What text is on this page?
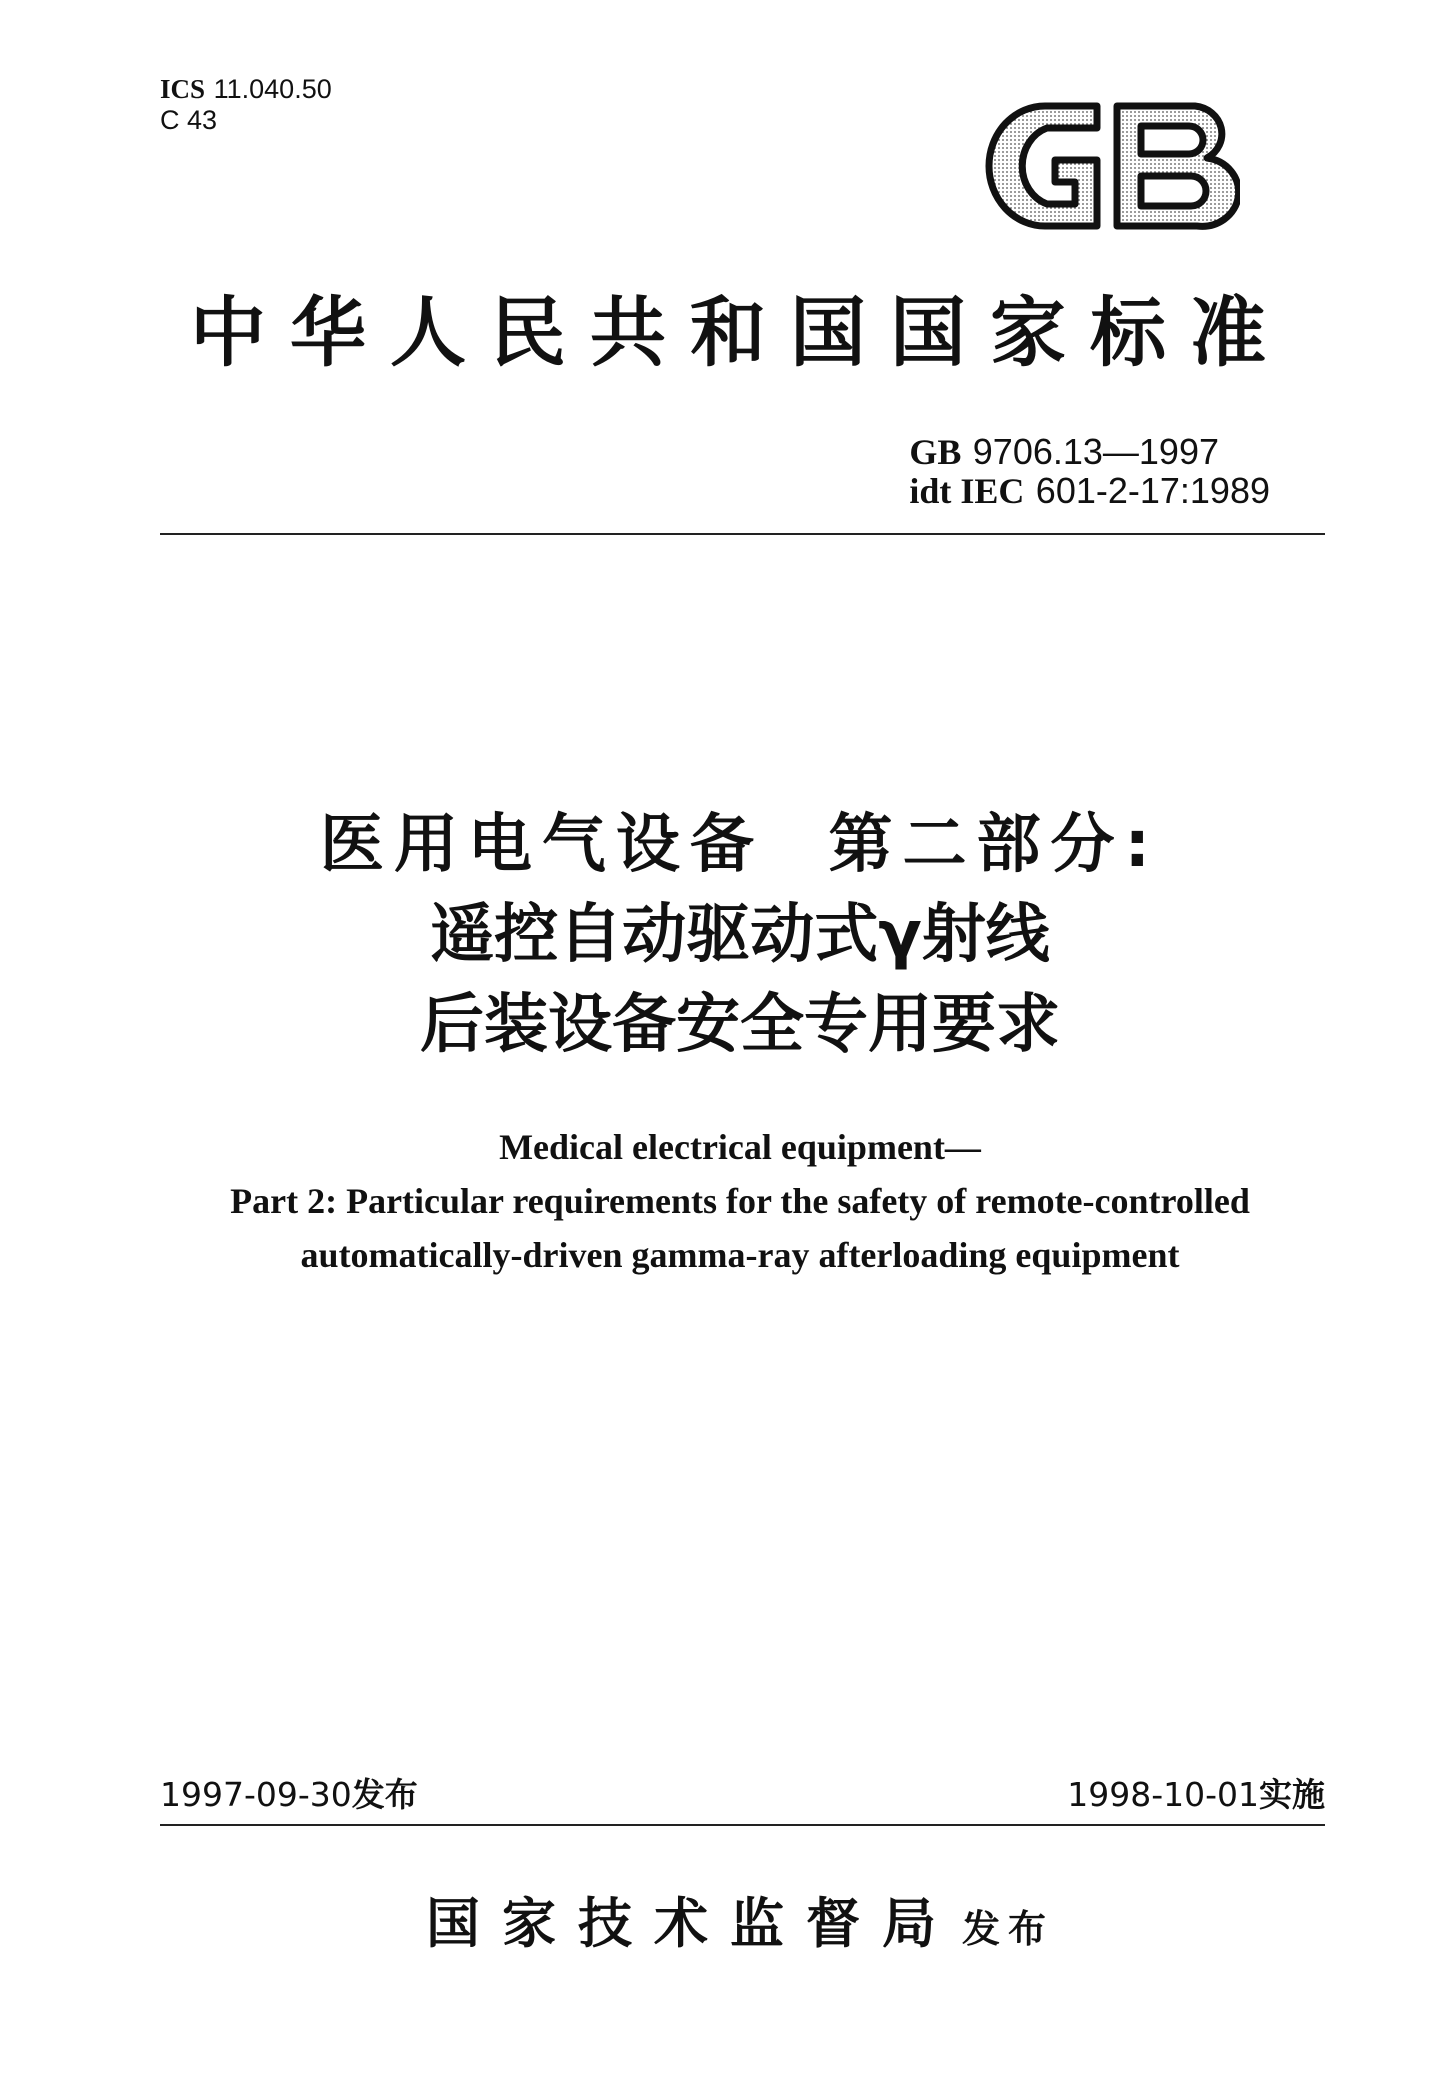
ICS 11.040.50
C 43
GB
中华人民共和国国家标准
GB 9706.13—1997
idt IEC 601-2-17:1989
医用电气设备  第二部分:
遥控自动驱动式γ射线
后装设备安全专用要求
Medical electrical equipment—
Part 2: Particular requirements for the safety of remote-controlled
automatically-driven gamma-ray afterloading equipment
1997-09-30发布	1998-10-01实施
国家技术监督局 发布
